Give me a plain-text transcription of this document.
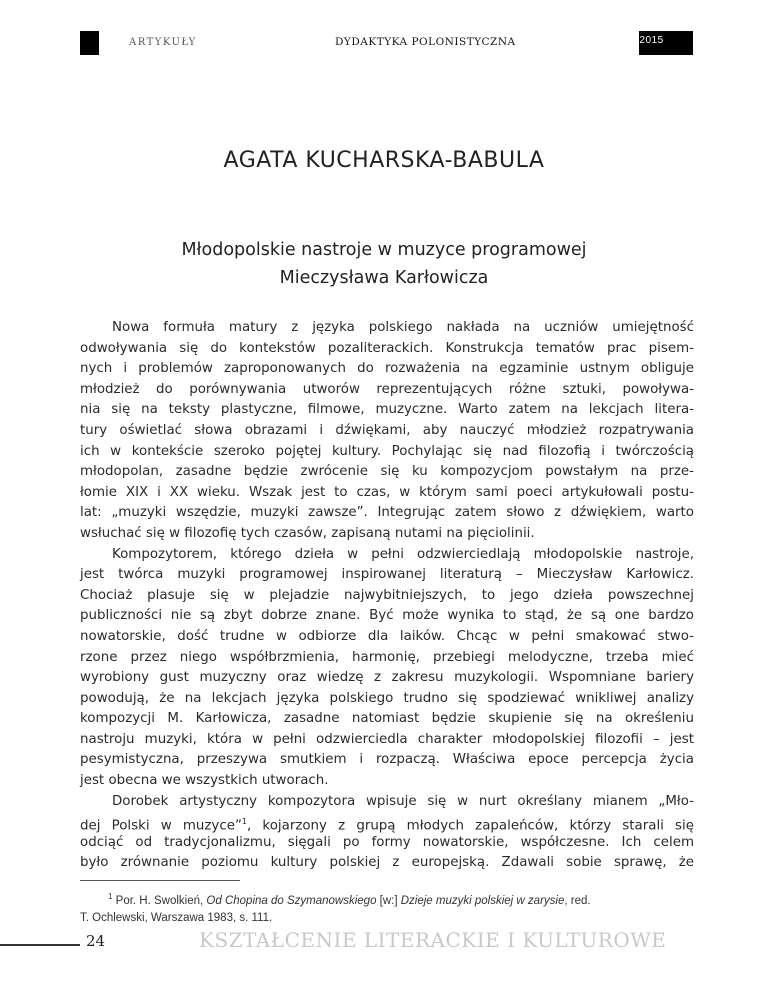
ARTYKUŁY	DYDAKTYKA POLONISTYCZNA	NR 1(10) / 2015
AGATA KUCHARSKA-BABULA
Młodopolskie nastroje w muzyce programowej
Mieczysława Karłowicza
Nowa formuła matury z języka polskiego nakłada na uczniów umiejętność
odwoływania się do kontekstów pozaliterackich. Konstrukcja tematów prac pisem-
nych i problemów zaproponowanych do rozważenia na egzaminie ustnym obliguje
młodzież do porównywania utworów reprezentujących różne sztuki, powoływa-
nia się na teksty plastyczne, filmowe, muzyczne. Warto zatem na lekcjach litera-
tury oświetlać słowa obrazami i dźwiękami, aby nauczyć młodzież rozpatrywania
ich w kontekście szeroko pojętej kultury. Pochylając się nad filozofią i twórczością
młodopolan, zasadne będzie zwrócenie się ku kompozycjom powstałym na prze-
łomie XIX i XX wieku. Wszak jest to czas, w którym sami poeci artykułowali postu-
lat: „muzyki wszędzie, muzyki zawsze”. Integrując zatem słowo z dźwiękiem, warto
wsłuchać się w filozofię tych czasów, zapisaną nutami na pięciolinii.
Kompozytorem, którego dzieła w pełni odzwierciedlają młodopolskie nastroje,
jest twórca muzyki programowej inspirowanej literaturą – Mieczysław Karłowicz.
Chociaż plasuje się w plejadzie najwybitniejszych, to jego dzieła powszechnej
publiczności nie są zbyt dobrze znane. Być może wynika to stąd, że są one bardzo
nowatorskie, dość trudne w odbiorze dla laików. Chcąc w pełni smakować stwo-
rzone przez niego współbrzmienia, harmonię, przebiegi melodyczne, trzeba mieć
wyrobiony gust muzyczny oraz wiedzę z zakresu muzykologii. Wspomniane bariery
powodują, że na lekcjach języka polskiego trudno się spodziewać wnikliwej analizy
kompozycji M. Karłowicza, zasadne natomiast będzie skupienie się na określeniu
nastroju muzyki, która w pełni odzwierciedla charakter młodopolskiej filozofii – jest
pesymistyczna, przeszywa smutkiem i rozpaczą. Właściwa epoce percepcja życia
jest obecna we wszystkich utworach.
Dorobek artystyczny kompozytora wpisuje się w nurt określany mianem „Mło-
dej Polski w muzyce”$^1$, kojarzony z grupą młodych zapaleńców, którzy starali się
odciąć od tradycjonalizmu, sięgali po formy nowatorskie, współczesne. Ich celem
było zrównanie poziomu kultury polskiej z europejską. Zdawali sobie sprawę, że
$^1$ Por. H. Swolkień, Od Chopina do Szymanowskiego [w:] Dzieje muzyki polskiej w zarysie, red.
T. Ochlewski, Warszawa 1983, s. 111.
24	KSZTAŁCENIE LITERACKIE I KULTUROWE
